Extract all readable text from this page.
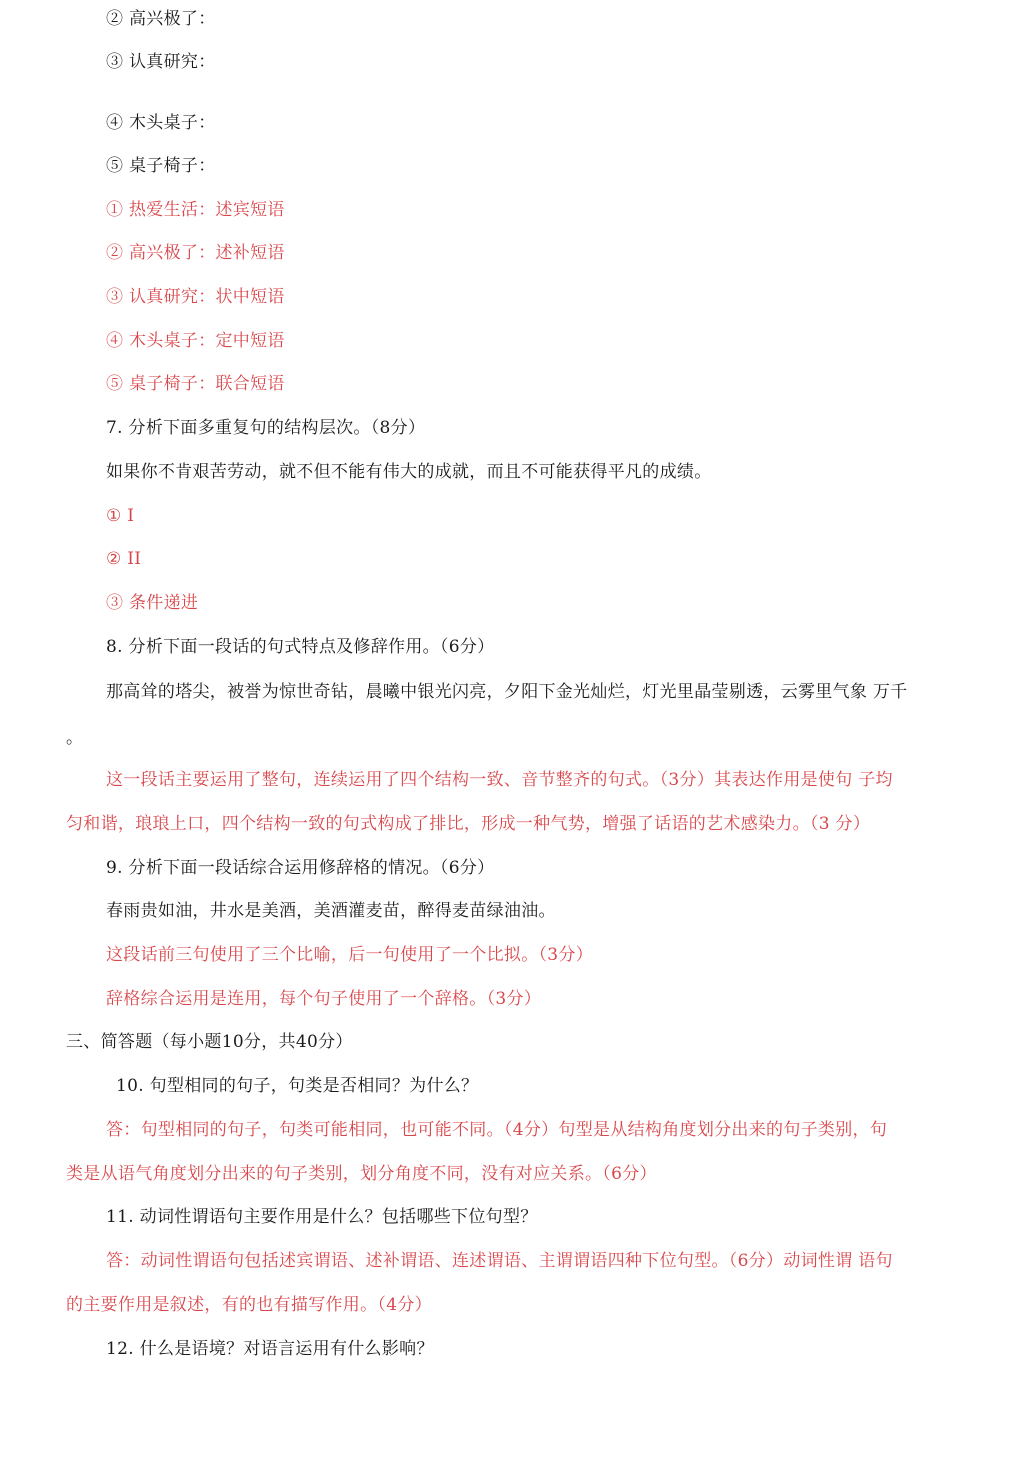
② 高兴极了：
③ 认真研究：
④ 木头桌子：
⑤ 桌子椅子：
① 热爱生活：述宾短语
② 高兴极了：述补短语
③ 认真研究：状中短语
④ 木头桌子：定中短语
⑤ 桌子椅子：联合短语
7. 分析下面多重复句的结构层次。（8分）
如果你不肯艰苦劳动，就不但不能有伟大的成就，而且不可能获得平凡的成绩。
① I
② II
③ 条件递进
8. 分析下面一段话的句式特点及修辞作用。（6分）
那高耸的塔尖，被誉为惊世奇钻，晨曦中银光闪亮，夕阳下金光灿烂，灯光里晶莹剔透，云雾里气象 万千
。
这一段话主要运用了整句，连续运用了四个结构一致、音节整齐的句式。（3分）其表达作用是使句 子均
匀和谐，琅琅上口，四个结构一致的句式构成了排比，形成一种气势，增强了话语的艺术感染力。（3 分）
9. 分析下面一段话综合运用修辞格的情况。（6分）
春雨贵如油，井水是美酒，美酒灌麦苗，醉得麦苗绿油油。
这段话前三句使用了三个比喻，后一句使用了一个比拟。（3分）
辞格综合运用是连用，每个句子使用了一个辞格。（3分）
三、简答题（每小题10分，共40分）
10. 句型相同的句子，句类是否相同？为什么？
答：句型相同的句子，句类可能相同，也可能不同。（4分）句型是从结构角度划分出来的句子类别，句
类是从语气角度划分出来的句子类别，划分角度不同，没有对应关系。（6分）
11. 动词性谓语句主要作用是什么？包括哪些下位句型？
答：动词性谓语句包括述宾谓语、述补谓语、连述谓语、主谓谓语四种下位句型。（6分）动词性谓 语句
的主要作用是叙述，有的也有描写作用。（4分）
12. 什么是语境？对语言运用有什么影响？
